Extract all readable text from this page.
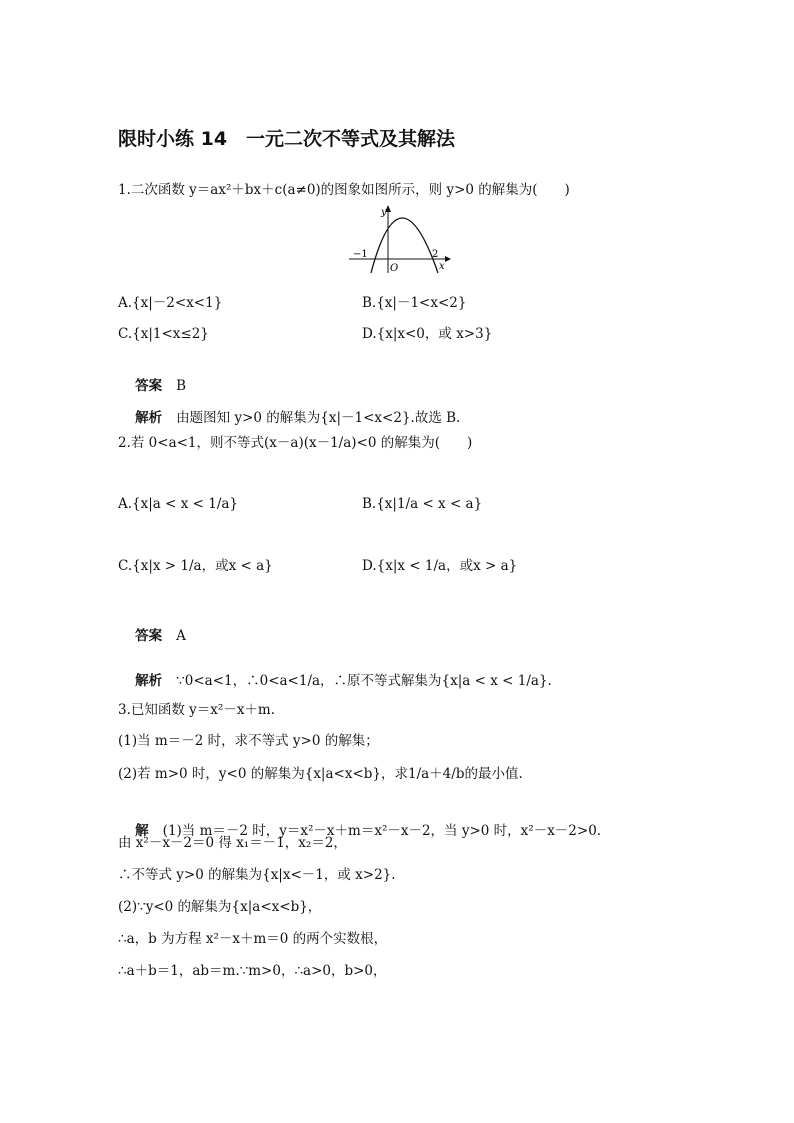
限时小练 14　一元二次不等式及其解法
1.二次函数 y＝ax²＋bx＋c(a≠0)的图象如图所示，则 y>0 的解集为(　　)
y
x
O
−1	2
A.{x|－2<x<1}	B.{x|－1<x<2}
C.{x|1<x≤2}	D.{x|x<0，或 x>3}

答案 B

解析 由题图知 y>0 的解集为{x|－1<x<2}.故选 B.

2.若 0<a<1，则不等式(x－a)(x－1/a)<0 的解集为(　　)
A.{x|a < x < 1/a}	B.{x|1/a < x < a}
C.{x|x > 1/a，或x < a}	D.{x|x < 1/a，或x > a}

答案 A

解析 ∵0<a<1，∴0<a<1/a，∴原不等式解集为{x|a < x < 1/a}.

3.已知函数 y＝x²－x＋m.
(1)当 m＝－2 时，求不等式 y>0 的解集；
(2)若 m>0 时，y<0 的解集为{x|a<x<b}，求1/a＋4/b的最小值.

解 (1)当 m＝－2 时，y＝x²－x＋m＝x²－x－2，当 y>0 时，x²－x－2>0.

由 x²－x－2＝0 得 x₁＝－1，x₂＝2，
∴不等式 y>0 的解集为{x|x<－1，或 x>2}.
(2)∵y<0 的解集为{x|a<x<b}，
∴a，b 为方程 x²－x＋m＝0 的两个实数根，
∴a＋b＝1，ab＝m.∵m>0，∴a>0，b>0，
